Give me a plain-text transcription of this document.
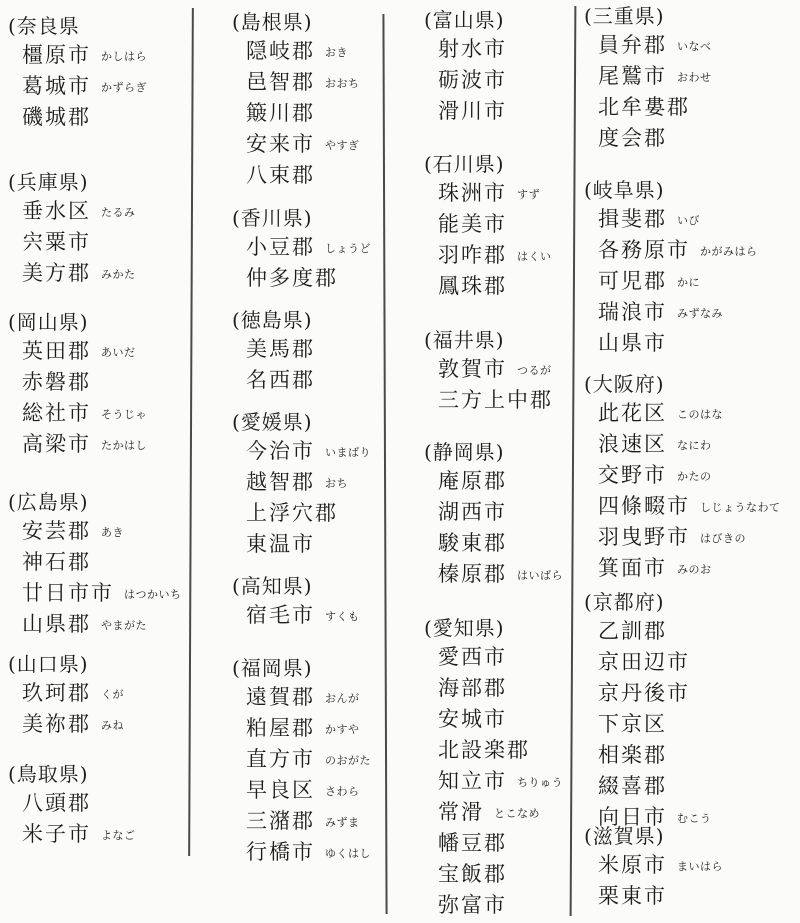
(奈良県
橿原市 かしはら
葛城市 かずらぎ
磯城郡
(兵庫県)
垂水区 たるみ
宍粟市
美方郡 みかた
(岡山県)
英田郡 あいだ
赤磐郡
総社市 そうじゃ
高梁市 たかはし
(広島県)
安芸郡 あき
神石郡
廿日市市 はつかいち
山県郡 やまがた
(山口県)
玖珂郡 くが
美祢郡 みね
(鳥取県)
八頭郡
米子市 よなご
(島根県)
隠岐郡 おき
邑智郡 おおち
簸川郡
安来市 やすぎ
八束郡
(香川県)
小豆郡 しょうど
仲多度郡
(徳島県)
美馬郡
名西郡
(愛媛県)
今治市 いまばり
越智郡 おち
上浮穴郡
東温市
(高知県)
宿毛市 すくも
(福岡県)
遠賀郡 おんが
粕屋郡 かすや
直方市 のおがた
早良区 さわら
三潴郡 みずま
行橋市 ゆくはし
(富山県)
射水市
砺波市
滑川市
(石川県)
珠洲市 すず
能美市
羽咋郡 はくい
鳳珠郡
(福井県)
敦賀市 つるが
三方上中郡
(静岡県)
庵原郡
湖西市
駿東郡
榛原郡 はいばら
(愛知県)
愛西市
海部郡
安城市
北設楽郡
知立市 ちりゅう
常滑 とこなめ
幡豆郡
宝飯郡
弥富市
(三重県)
員弁郡 いなべ
尾鷲市 おわせ
北牟婁郡
度会郡
(岐阜県)
揖斐郡 いび
各務原市 かがみはら
可児郡 かに
瑞浪市 みずなみ
山県市
(大阪府)
此花区 このはな
浪速区 なにわ
交野市 かたの
四條畷市 しじょうなわて
羽曳野市 はびきの
箕面市 みのお
(京都府)
乙訓郡
京田辺市
京丹後市
下京区
相楽郡
綴喜郡
向日市 むこう
(滋賀県)
米原市 まいはら
栗東市
